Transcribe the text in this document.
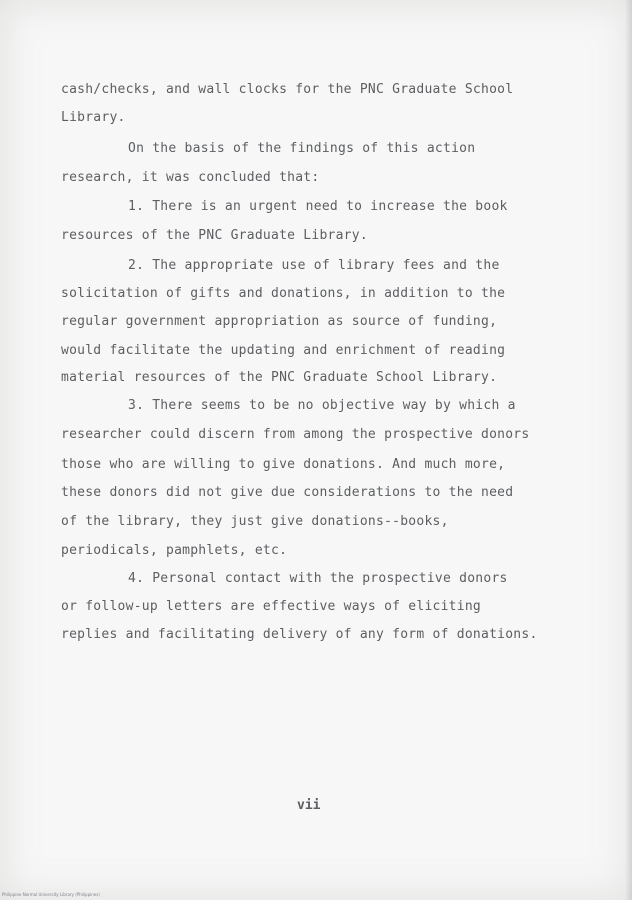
cash/checks, and wall clocks for the PNC Graduate School
Library.
On the basis of the findings of this action
research, it was concluded that:
1. There is an urgent need to increase the book
resources of the PNC Graduate Library.
2. The appropriate use of library fees and the
solicitation of gifts and donations, in addition to the
regular government appropriation as source of funding,
would facilitate the updating and enrichment of reading
material resources of the PNC Graduate School Library.
3. There seems to be no objective way by which a
researcher could discern from among the prospective donors
those who are willing to give donations. And much more,
these donors did not give due considerations to the need
of the library, they just give donations--books,
periodicals, pamphlets, etc.
4. Personal contact with the prospective donors
or follow-up letters are effective ways of eliciting
replies and facilitating delivery of any form of donations.
vii
Philippine Normal University Library (Philippines)
